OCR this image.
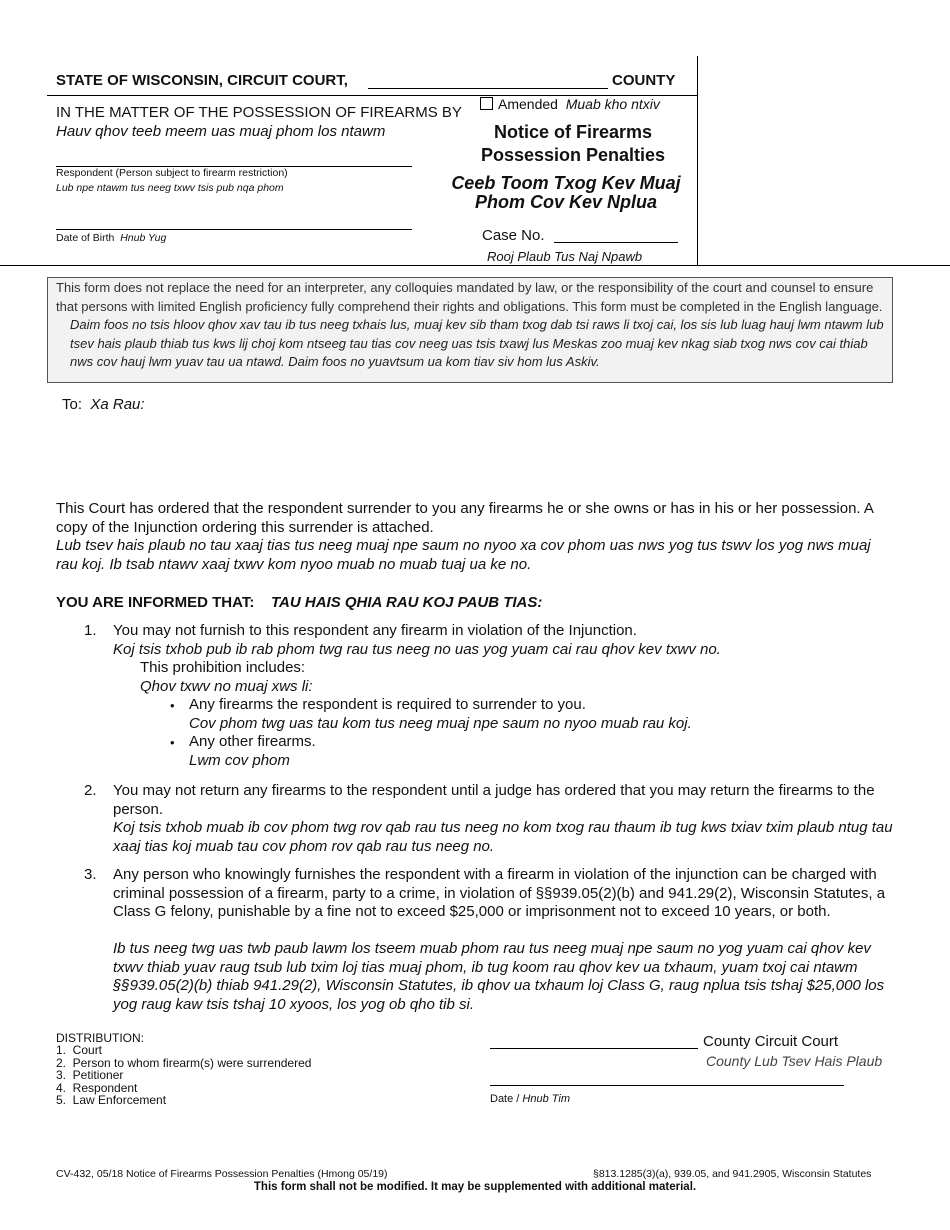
STATE OF WISCONSIN, CIRCUIT COURT,	COUNTY
IN THE MATTER OF THE POSSESSION OF FIREARMS BY
Hauv qhov teeb meem uas muaj phom los ntawm
Respondent (Person subject to firearm restriction)
Lub npe ntawm tus neeg txwv tsis pub nqa phom
Date of Birth Hnub Yug
Amended Muab kho ntxiv
Notice of Firearms
Possession Penalties
Ceeb Toom Txog Kev Muaj
Phom Cov Kev Nplua
Case No.
Rooj Plaub Tus Naj Npawb
This form does not replace the need for an interpreter, any colloquies mandated by law, or the responsibility of the court and counsel to ensure that persons with limited English proficiency fully comprehend their rights and obligations. This form must be completed in the English language.
Daim foos no tsis hloov qhov xav tau ib tus neeg txhais lus, muaj kev sib tham txog dab tsi raws li txoj cai, los sis lub luag hauj lwm ntawm lub tsev hais plaub thiab tus kws lij choj kom ntseeg tau tias cov neeg uas tsis txawj lus Meskas zoo muaj kev nkag siab txog nws cov cai thiab nws cov hauj lwm yuav tau ua ntawd. Daim foos no yuavtsum ua kom tiav siv hom lus Askiv.
To: Xa Rau:
This Court has ordered that the respondent surrender to you any firearms he or she owns or has in his or her possession. A copy of the Injunction ordering this surrender is attached.
Lub tsev hais plaub no tau xaaj tias tus neeg muaj npe saum no nyoo xa cov phom uas nws yog tus tswv los yog nws muaj rau koj. Ib tsab ntawv xaaj txwv kom nyoo muab no muab tuaj ua ke no.
YOU ARE INFORMED THAT: TAU HAIS QHIA RAU KOJ PAUB TIAS:
1. You may not furnish to this respondent any firearm in violation of the Injunction.
Koj tsis txhob pub ib rab phom twg rau tus neeg no uas yog yuam cai rau qhov kev txwv no.
This prohibition includes:
Qhov txwv no muaj xws li:
• Any firearms the respondent is required to surrender to you.
Cov phom twg uas tau kom tus neeg muaj npe saum no nyoo muab rau koj.
• Any other firearms.
Lwm cov phom
2. You may not return any firearms to the respondent until a judge has ordered that you may return the firearms to the person.
Koj tsis txhob muab ib cov phom twg rov qab rau tus neeg no kom txog rau thaum ib tug kws txiav txim plaub ntug tau xaaj tias koj muab tau cov phom rov qab rau tus neeg no.
3. Any person who knowingly furnishes the respondent with a firearm in violation of the injunction can be charged with criminal possession of a firearm, party to a crime, in violation of §§939.05(2)(b) and 941.29(2), Wisconsin Statutes, a Class G felony, punishable by a fine not to exceed $25,000 or imprisonment not to exceed 10 years, or both.
Ib tus neeg twg uas twb paub lawm los tseem muab phom rau tus neeg muaj npe saum no yog yuam cai qhov kev txwv thiab yuav raug tsub lub txim loj tias muaj phom, ib tug koom rau qhov kev ua txhaum, yuam txoj cai ntawm §§939.05(2)(b) thiab 941.29(2), Wisconsin Statutes, ib qhov ua txhaum loj Class G, raug nplua tsis tshaj $25,000 los yog raug kaw tsis tshaj 10 xyoos, los yog ob qho tib si.
DISTRIBUTION:
1.  Court
2.  Person to whom firearm(s) were surrendered
3.  Petitioner
4.  Respondent
5.  Law Enforcement
County Circuit Court
County Lub Tsev Hais Plaub
Date / Hnub Tim
CV-432, 05/18 Notice of Firearms Possession Penalties (Hmong 05/19)	§813.1285(3)(a), 939.05, and 941.2905, Wisconsin Statutes
This form shall not be modified. It may be supplemented with additional material.
